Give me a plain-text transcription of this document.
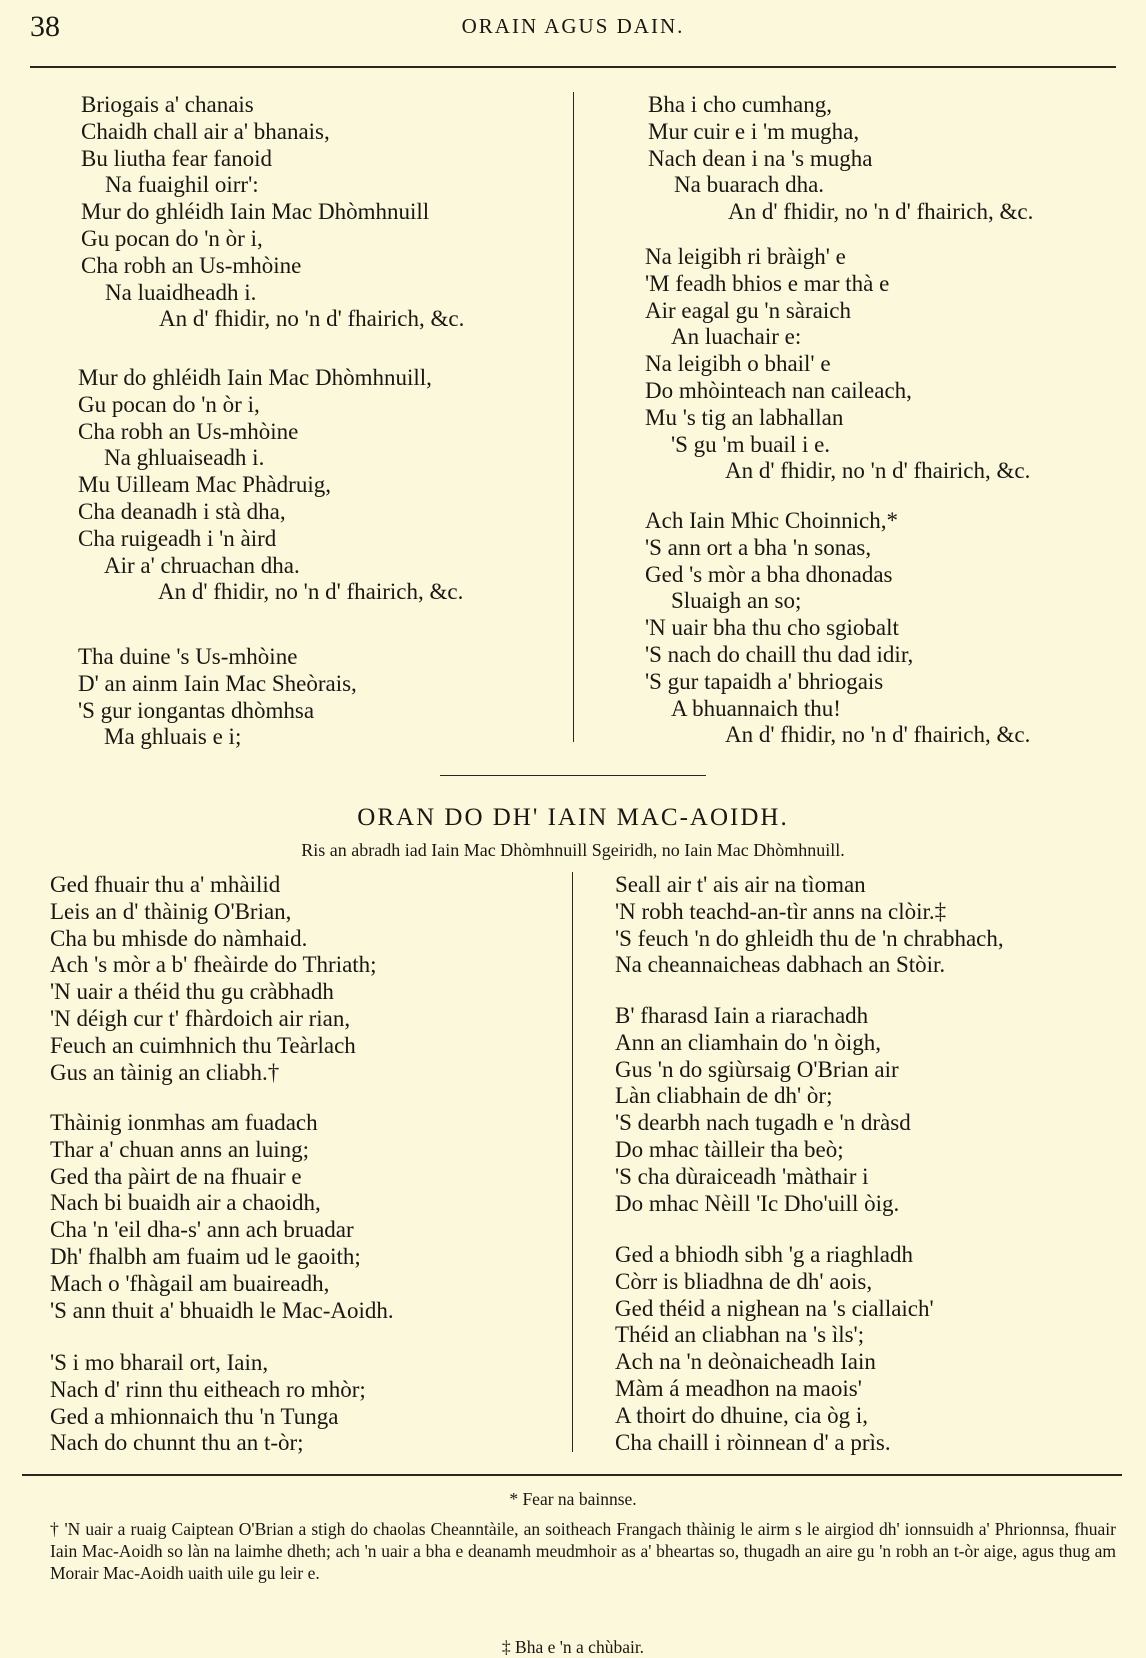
38	ORAIN AGUS DAIN.
Briogais a' chanais
Chaidh chall air a' bhanais,
Bu liutha fear fanoid
Na fuaighil oirr':
Mur do ghléidh Iain Mac Dhòmhnuill
Gu pocan do 'n òr i,
Cha robh an Us-mhòine
Na luaidheadh i.
An d' fhidir, no 'n d' fhairich, &c.
Mur do ghléidh Iain Mac Dhòmhnuill,
Gu pocan do 'n òr i,
Cha robh an Us-mhòine
Na ghluaiseadh i.
Mu Uilleam Mac Phàdruig,
Cha deanadh i stà dha,
Cha ruigeadh i 'n àird
Air a' chruachan dha.
An d' fhidir, no 'n d' fhairich, &c.
Tha duine 's Us-mhòine
D' an ainm Iain Mac Sheòrais,
'S gur iongantas dhòmhsa
Ma ghluais e i;
Bha i cho cumhang,
Mur cuir e i 'm mugha,
Nach dean i na 's mugha
Na buarach dha.
An d' fhidir, no 'n d' fhairich, &c.
Na leigibh ri bràigh' e
'M feadh bhios e mar thà e
Air eagal gu 'n sàraich
An luachair e:
Na leigibh o bhail' e
Do mhòinteach nan caileach,
Mu 's tig an labhallan
'S gu 'm buail i e.
An d' fhidir, no 'n d' fhairich, &c.
Ach Iain Mhic Choinnich,*
'S ann ort a bha 'n sonas,
Ged 's mòr a bha dhonadas
Sluaigh an so;
'N uair bha thu cho sgiobalt
'S nach do chaill thu dad idir,
'S gur tapaidh a' bhriogais
A bhuannaich thu!
An d' fhidir, no 'n d' fhairich, &c.
ORAN DO DH' IAIN MAC-AOIDH.
Ris an abradh iad Iain Mac Dhòmhnuill Sgeiridh, no Iain Mac Dhòmhnuill.
Ged fhuair thu a' mhàilid
Leis an d' thàinig O'Brian,
Cha bu mhisde do nàmhaid.
Ach 's mòr a b' fheàirde do Thriath;
'N uair a théid thu gu cràbhadh
'N déigh cur t' fhàrdoich air rian,
Feuch an cuimhnich thu Teàrlach
Gus an tàinig an cliabh.†
Thàinig ionmhas am fuadach
Thar a' chuan anns an luing;
Ged tha pàirt de na fhuair e
Nach bi buaidh air a chaoidh,
Cha 'n 'eil dha-s' ann ach bruadar
Dh' fhalbh am fuaim ud le gaoith;
Mach o 'fhàgail am buaireadh,
'S ann thuit a' bhuaidh le Mac-Aoidh.
'S i mo bharail ort, Iain,
Nach d' rinn thu eitheach ro mhòr;
Ged a mhionnaich thu 'n Tunga
Nach do chunnt thu an t-òr;
Seall air t' ais air na tìoman
'N robh teachd-an-tìr anns na clòir.‡
'S feuch 'n do ghleidh thu de 'n chrabhach,
Na cheannaicheas dabhach an Stòir.
B' fharasd Iain a riarachadh
Ann an cliamhain do 'n òigh,
Gus 'n do sgiùrsaig O'Brian air
Làn cliabhain de dh' òr;
'S dearbh nach tugadh e 'n dràsd
Do mhac tàilleir tha beò;
'S cha dùraiceadh 'màthair i
Do mhac Nèill 'Ic Dho'uill òig.
Ged a bhiodh sibh 'g a riaghladh
Còrr is bliadhna de dh' aois,
Ged théid a nighean na 's ciallaich'
Théid an cliabhan na 's ìls';
Ach na 'n deònaicheadh Iain
Màm á meadhon na maois'
A thoirt do dhuine, cia òg i,
Cha chaill i ròinnean d' a prìs.
* Fear na bainnse.
† 'N uair a ruaig Caiptean O'Brian a stigh do chaolas Cheanntàile, an soitheach Frangach thàinig le airm s le airgiod dh' ionnsuidh a' Phrionnsa, fhuair Iain Mac-Aoidh so làn na laimhe dheth; ach 'n uair a bha e deanamh meudmhoir as a' bheartas so, thugadh an aire gu 'n robh an t-òr aige, agus thug am Morair Mac-Aoidh uaith uile gu leir e.
‡ Bha e 'n a chùbair.
